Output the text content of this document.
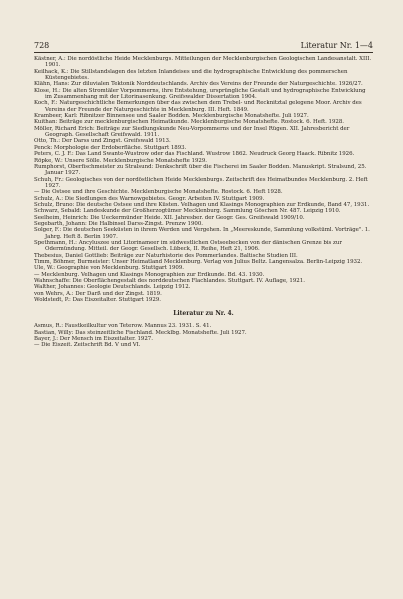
728	Literatur Nr. 1—4

Kästner, A.: Die nordöstliche Heide Mecklenburgs. Mitteilungen der Mecklenburgischen Geologischen Landesanstalt. XIII. 1901.

Keilhack, K.: Die Stillstandslagen des letzten Inlandeises und die hydrographische Entwicklung des pommerschen Küstengebietes.

Klähn, Hans: Zur diluvialen Tektonik Norddeutschlands. Archiv des Vereins der Freunde der Naturgeschichte. 1926/27.

Klose, H.: Die alten Stromtäler Vorpommerns, ihre Entstehung, ursprüngliche Gestalt und hydrographische Entwicklung im Zusammenhang mit der Litorinasenkung. Greifswalder Dissertation 1904.

Koch, F.: Naturgeschichtliche Bemerkungen über das zwischen dem Trebel- und Recknitztal gelegene Moor. Archiv des Vereins der Freunde der Naturgeschichte in Mecklenburg. III. Heft. 1849.

Krambeer, Karl: Ribnitzer Binnensee und Saaler Bodden. Mecklenburgische Monatshefte. Juli 1927.

Kuithan: Beiträge zur mecklenburgischen Heimatkunde. Mecklenburgische Monatshefte. Rostock. 6. Heft. 1928.

Möller, Richard Erich: Beiträge zur Siedlungskunde Neu-Vorpommerns und der Insel Rügen. XII. Jahresbericht der Geograph. Gesellschaft Greifswald. 1911.

Otto, Th.: Der Darss und Zingst. Greifswald 1913.

Penck: Morphologie der Erdoberfläche. Stuttgart 1893.

Peters, C. J. F.: Das Land Swante-Wustrow oder das Fischland. Wustrow 1862. Neudruck Georg Haack. Ribnitz 1926.

Röpke, W.: Unsere Sölle. Mecklenburgische Monatshefte 1929.

Rumphorst, Oberfischmeister zu Stralsund: Denkschrift über die Fischerei im Saaler Bodden. Manuskript. Stralsund, 25. Januar 1927.

Schuh, Fr.: Geologisches von der nordöstlichen Heide Mecklenburgs. Zeitschrift des Heimatbundes Mecklenburg. 2. Heft 1927.

— Die Ostsee und ihre Geschichte. Mecklenburgische Monatshefte. Rostock. 6. Heft 1928.

Schulz, A.: Die Siedlungen des Warnowgebietes. Geogr. Arbeiten IV. Stuttgart 1909.

Schulz, Bruno: Die deutsche Ostsee und ihre Küsten. Velhagen und Klasings Monographien zur Erdkunde, Band 47, 1931.

Schwarz, Sebald: Landeskunde der Großherzogtümer Mecklenburg. Sammlung Göschen Nr. 487. Leipzig 1910.

Seelheim, Heinrich: Die Ueckermünder Heide. XII. Jahresber. der Geogr. Ges. Greifswald 1909/10.

Segebarth, Johann: Die Halbinsel Darss-Zingst. Prenzw 1900.

Solger, F.: Die deutschen Seeküsten in ihrem Werden und Vergehen. In „Meereskunde, Sammlung volkstüml. Vorträge". 1. Jahrg. Heft 8. Berlin 1907.

Spethmann, H.: Ancyluszee und Litorinameer im südwestlichen Ostseebecken von der dänischen Grenze bis zur Odermündung. Mitteil. der Geogr. Gesellsch. Lübeck, II. Reihe, Heft 21, 1906.

Thebesius, Daniel Gottlieb: Beiträge zur Naturhistorie des Pommerlandes. Baltische Studien III.

Timm, Böhmer, Burmeister: Unser Heimatland Mecklenburg. Verlag von Julius Beltz. Langensalza. Berlin-Leipzig 1932.

Ule, W.: Geographie von Mecklenburg. Stuttgart 1909.

— Mecklenburg. Velhagen und Klasings Monographien zur Erdkunde. Bd. 43. 1930.

Wahnschaffe: Die Oberflächengestalt des norddeutschen Flachlandes. Stuttgart. IV. Auflage, 1921.

Walther, Johannes: Geologie Deutschlands. Leipzig 1912.

von Wehrs, A.: Der Darß und der Zingst. 1819.

Woldstedt, P.: Das Eiszeitalter. Stuttgart 1929.

Literatur zu Nr. 4.

Asmus, R.: Faustkeilkultur von Teterow. Mannus 23. 1931. S. 41.

Bastian, Willy: Das steinzeitliche Fischland. Mecklbg. Monatshefte. Juli 1927.

Bayer, J.: Der Mensch im Eiszeitalter. 1927.

— Die Eiszeit. Zeitschrift Bd. V und VI.
